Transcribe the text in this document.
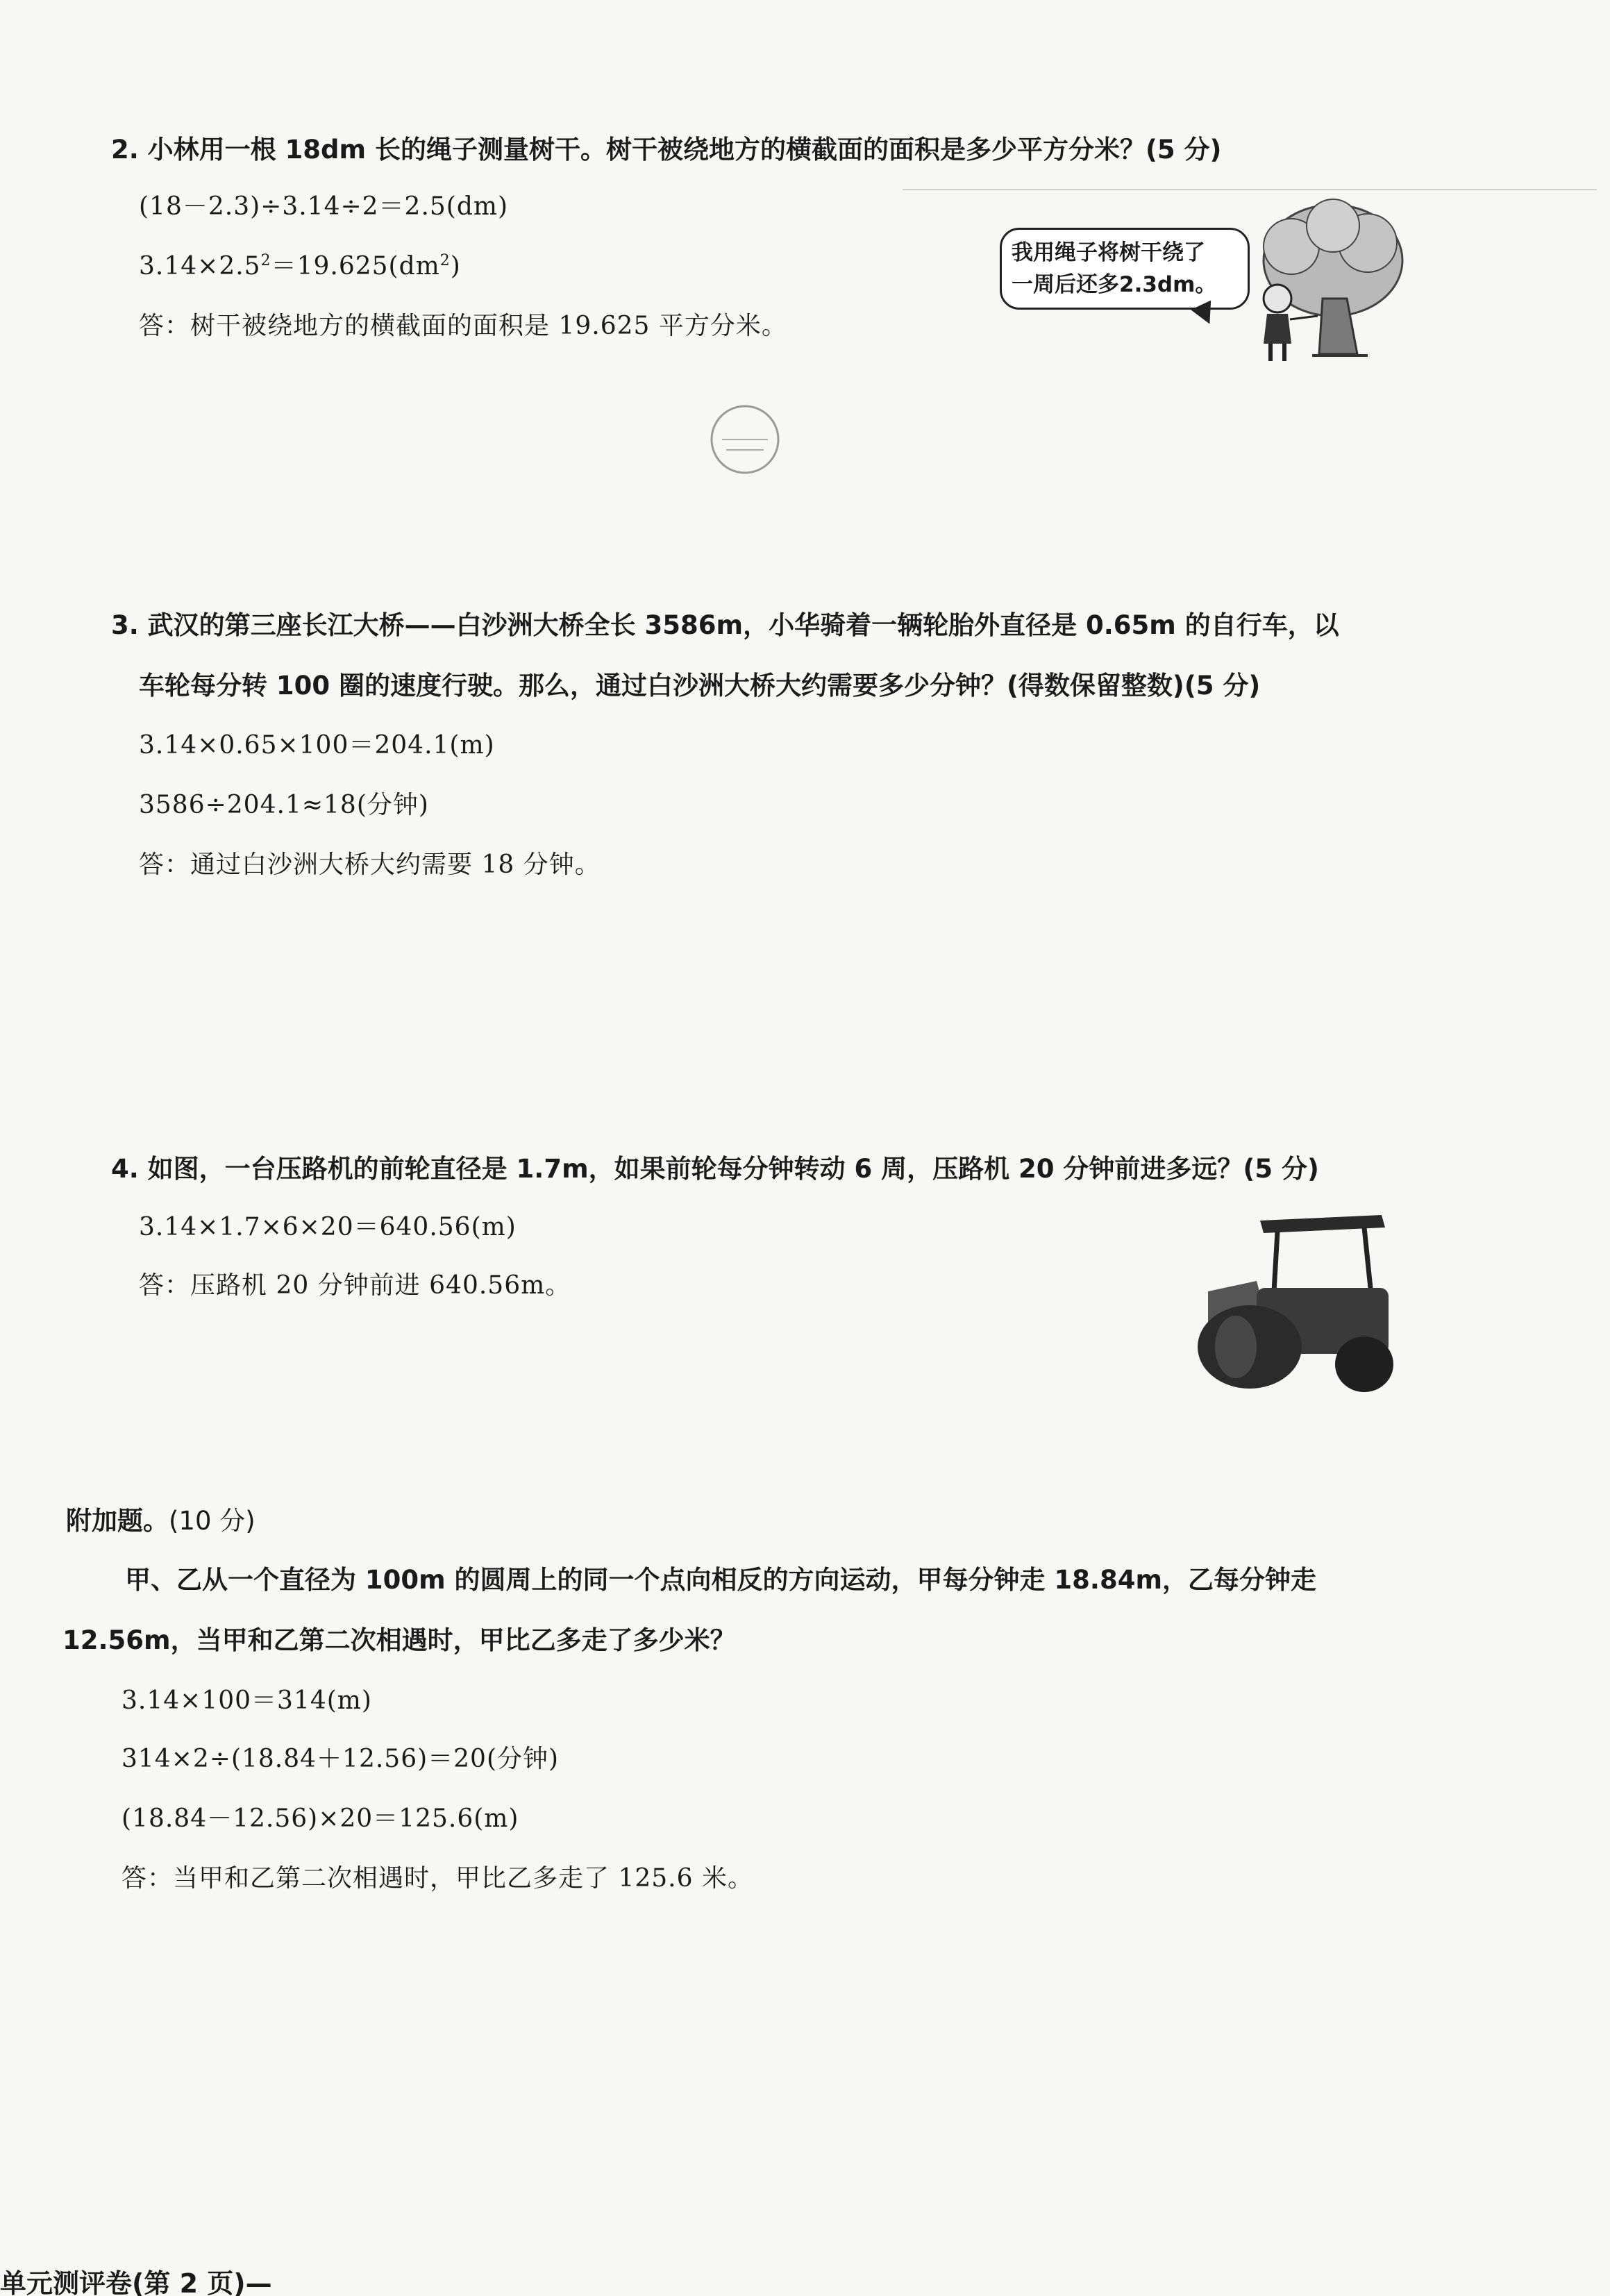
2. 小林用一根 18dm 长的绳子测量树干。树干被绕地方的横截面的面积是多少平方分米？(5 分)
(18－2.3)÷3.14÷2＝2.5(dm)
$3.14\times 2.5^2=19.625(dm^2)$
答：树干被绕地方的横截面的面积是 19.625 平方分米。
我用绳子将树干绕了
一周后还多2.3dm。
3. 武汉的第三座长江大桥——白沙洲大桥全长 3586m，小华骑着一辆轮胎外直径是 0.65m 的自行车，以
车轮每分转 100 圈的速度行驶。那么，通过白沙洲大桥大约需要多少分钟？(得数保留整数)(5 分)
3.14×0.65×100＝204.1(m)
3586÷204.1≈18(分钟)
答：通过白沙洲大桥大约需要 18 分钟。
4. 如图，一台压路机的前轮直径是 1.7m，如果前轮每分钟转动 6 周，压路机 20 分钟前进多远？(5 分)
3.14×1.7×6×20＝640.56(m)
答：压路机 20 分钟前进 640.56m。
附加题。(10 分)
甲、乙从一个直径为 100m 的圆周上的同一个点向相反的方向运动，甲每分钟走 18.84m，乙每分钟走
12.56m，当甲和乙第二次相遇时，甲比乙多走了多少米？
3.14×100＝314(m)
314×2÷(18.84＋12.56)＝20(分钟)
(18.84－12.56)×20＝125.6(m)
答：当甲和乙第二次相遇时，甲比乙多走了 125.6 米。
单元测评卷(第 2 页)—
